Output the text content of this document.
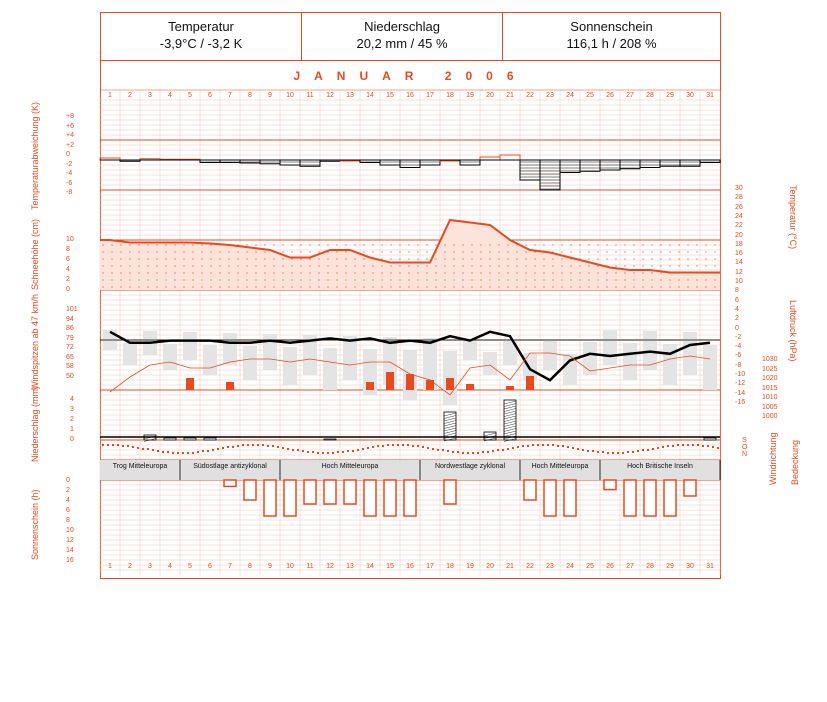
Temperatur
-3,9°C / -3,2 K
Niederschlag
20,2 mm / 45 %
Sonnenschein
116,1 h / 208 %
JANUAR 2006
1
1
2
2
3
3
4
4
5
5
6
6
7
7
8
8
9
9
10
10
11
11
12
12
13
13
14
14
15
15
16
16
17
17
18
18
19
19
20
20
21
21
22
22
23
23
24
24
25
25
26
26
27
27
28
28
29
29
30
30
31
31
+8
+6
+4
+2
0
-2
-4
-6
-8
10
8
6
4
2
0
101
94
86
79
72
65
58
50
4
3
2
1
0
Trog Mitteleuropa	Südostlage antizyklonal	Hoch Mitteleuropa	Nordwestlage zyklonal	Hoch Mitteleuropa	Hoch Britische Inseln
0
2
4
6
8
10
12
14
16
30
28
26
24
22
20
18
16
14
12
10
8
6
4
2
0
-2
-4
-6
-8
-10
-12
-14
-16
1030
1025
1020
1015
1010
1005
1000
S
O
N
Temperaturabweichung (K)
Schneehöhe (cm)
Windspitzen ab 47 km/h
Niederschlag (mm)
Sonnenschein (h)
Temperatur (°C)
Luftdruck (hPa)
Windrichtung Bedeckung
